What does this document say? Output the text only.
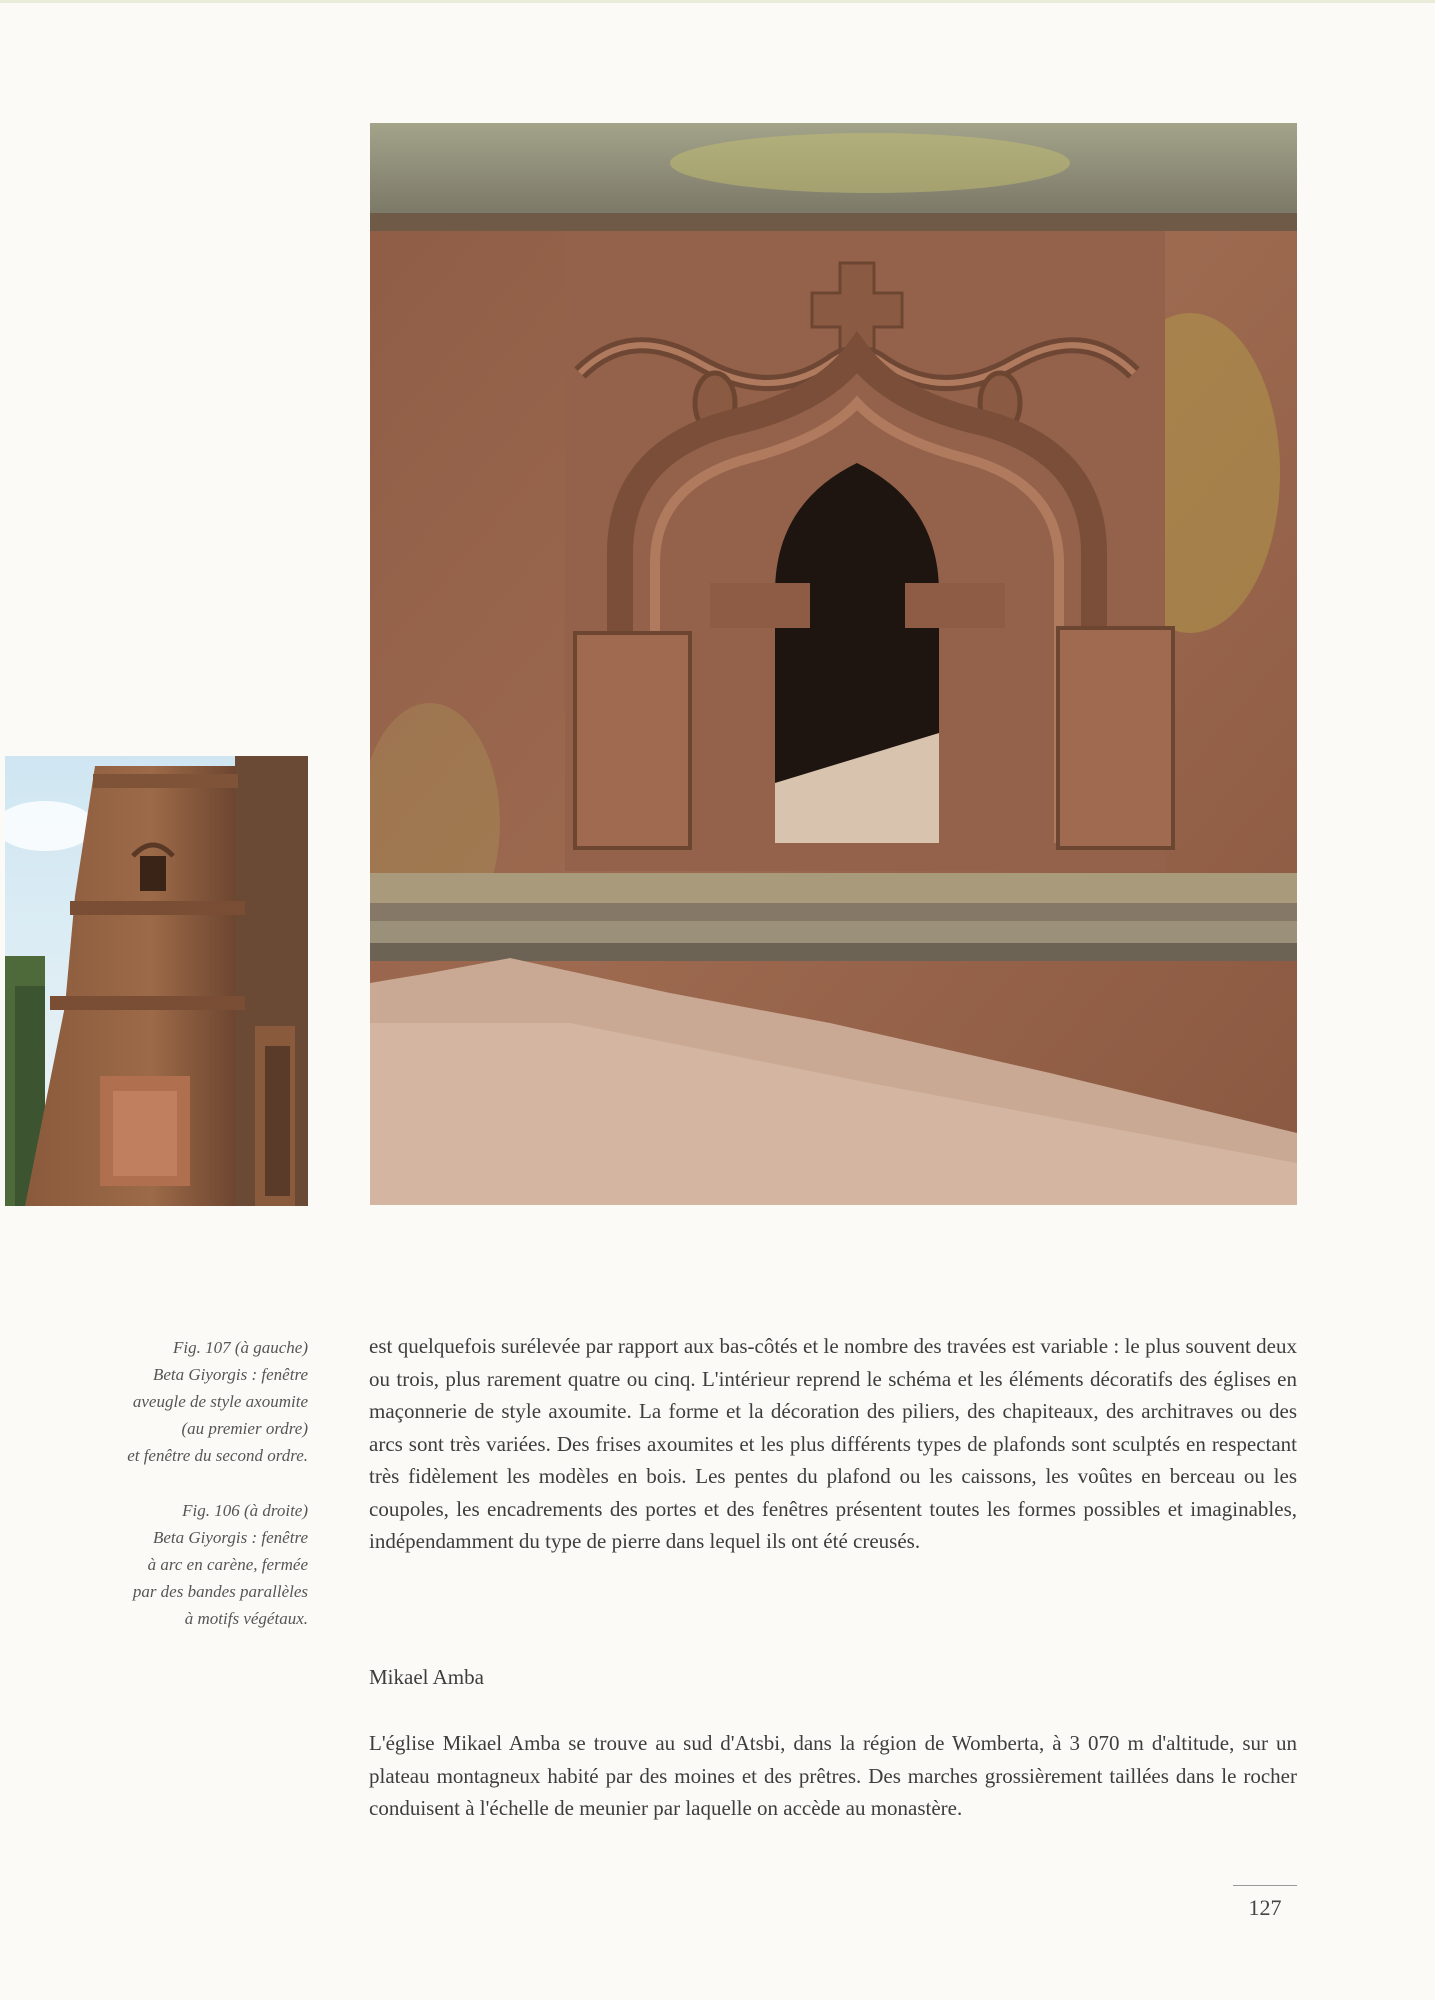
Fig. 107 (à gauche)

Beta Giyorgis : fenêtre

aveugle de style axoumite

(au premier ordre)

et fenêtre du second ordre.

Fig. 106 (à droite)

Beta Giyorgis : fenêtre

à arc en carène, fermée

par des bandes parallèles

à motifs végétaux.

est quelquefois surélevée par rapport aux bas-côtés et le nombre des travées est variable : le plus souvent deux ou trois, plus rarement quatre ou cinq. L'intérieur reprend le schéma et les éléments décoratifs des églises en maçonnerie de style axoumite. La forme et la décoration des piliers, des chapiteaux, des architraves ou des arcs sont très variées. Des frises axoumites et les plus différents types de plafonds sont sculptés en respectant très fidèlement les modèles en bois. Les pentes du plafond ou les caissons, les voûtes en berceau ou les coupoles, les encadrements des portes et des fenêtres présentent toutes les formes possibles et imaginables, indépendamment du type de pierre dans lequel ils ont été creusés.

Mikael Amba

L'église Mikael Amba se trouve au sud d'Atsbi, dans la région de Womberta, à 3 070 m d'altitude, sur un plateau montagneux habité par des moines et des prêtres. Des marches grossièrement taillées dans le rocher conduisent à l'échelle de meunier par laquelle on accède au monastère.

127
